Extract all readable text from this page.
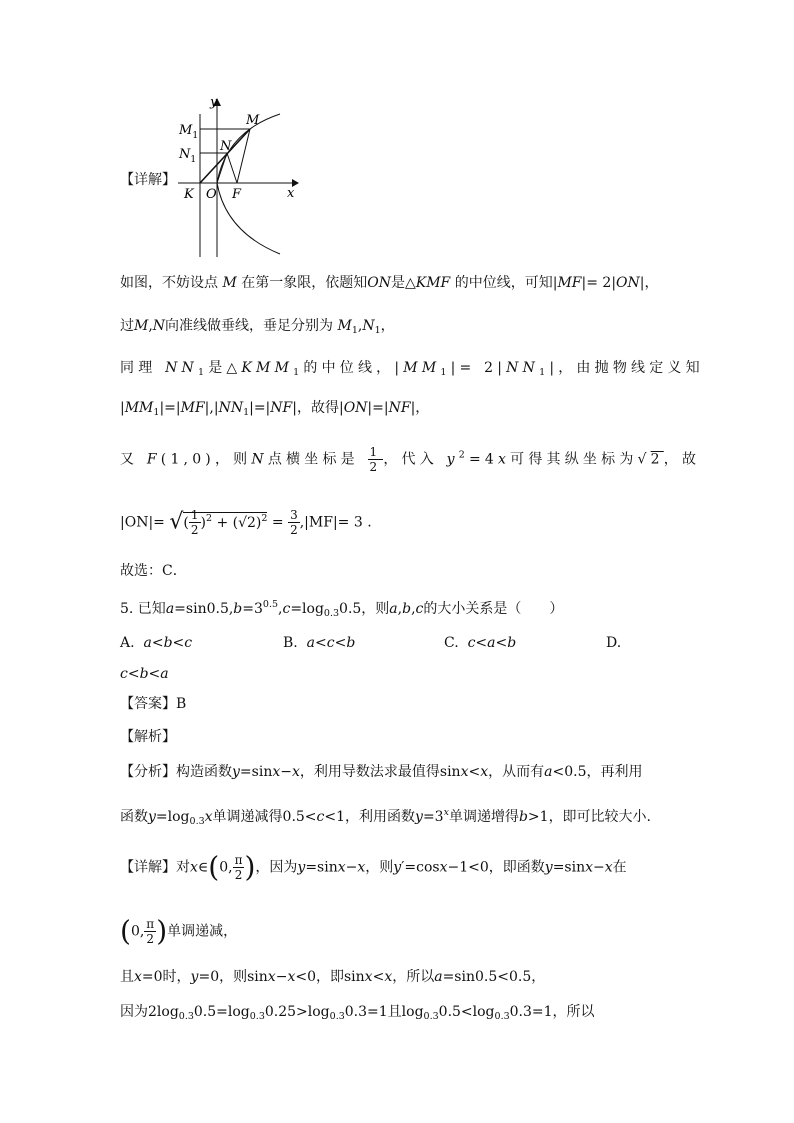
【详解】
y
x
$M_1$
$N_1$
M
N
K O F
如图，不妨设点 M 在第一象限，依题知ON是△KMF 的中位线，可知|MF|= 2|ON|，
过M,N向准线做垂线，垂足分别为 $M_1,N_1$，
同理 $NN_1$是$\triangle KMM_1$的中位线，$|MM_1|= 2|NN_1|$，由抛物线定义知
$|MM_1|=|MF|,|NN_1|=|NF|$，故得|ON|=|NF|，
又 F(1,0)，则N点横坐标是 $\frac{1}{2}$ ，代入 $y^2=4x$可得其纵坐标为√2，故
|ON|= √( $\frac{1}{2} )^2 + (√2)^2 = \frac{3}{2} ,|MF|= 3$ .
故选：C．
5. 已知$a=\sin 0.5,b=3^{0.5},c=\log_{0.3}0.5$，则a,b,c的大小关系是（　　）
A. a<b<c	B. a<c<b	C. c<a<b	D.
c<b<a
【答案】B
【解析】
【分析】构造函数y=sinx−x，利用导数法求最值得sinx<x，从而有a<0.5，再利用
函数$y=\log_{0.3}x$单调递减得0.5<c<1，利用函数$y=3^x$单调递增得b>1，即可比较大小.
【详解】对x∈(0, $\frac{\pi}{2}$ )，因为y=sinx−x，则y′=cosx−1<0，即函数y=sinx−x在
(0, $\frac{\pi}{2}$ )单调递减，
且x=0时，y=0，则sinx−x<0，即sinx<x，所以a=sin0.5<0.5，
因为$2\log_{0.3}0.5=\log_{0.3}0.25>\log_{0.3}0.3=1$且$\log_{0.3}0.5<\log_{0.3}0.3=1$，所以
